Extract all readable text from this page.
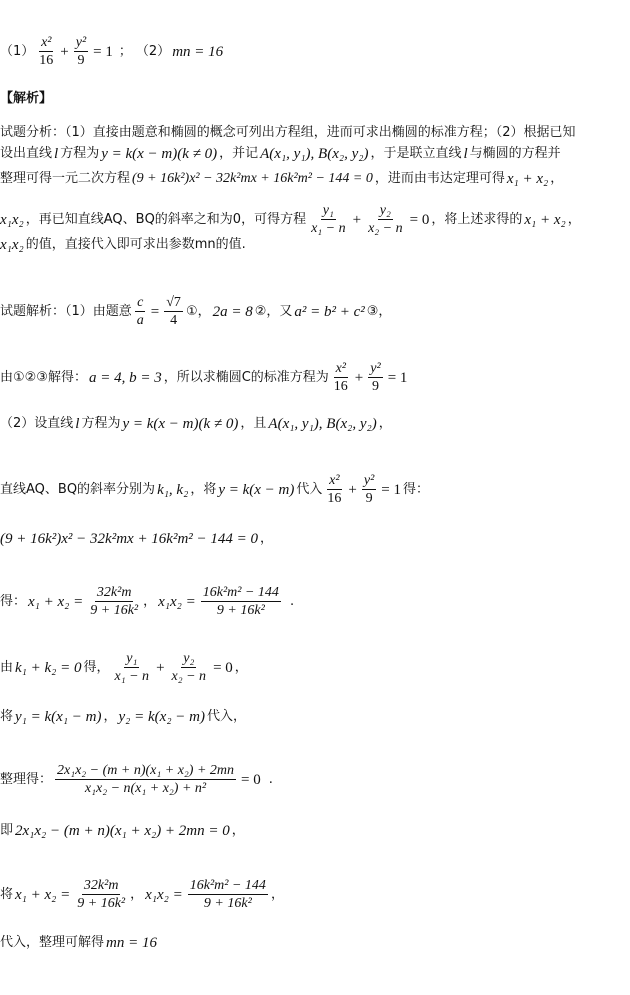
$(1) \frac{\text{x²}}{16} + \frac{\text{y²}}{9} = 1$ ； （2） mn = 16
【解析】
试题分析：（1）直接由题意和椭圆的概念可列出方程组，进而可求出椭圆的标准方程；（2）根据已知
设出直线 l 方程为 y = k(x − m)(k ≠ 0) ，并记 A(x₁, y₁), B(x₂, y₂) ，于是联立直线 l 与椭圆的方程并
整理可得一元二次方程 (9 + 16k²)x² − 32k²mx + 16k²m² − 144 = 0 ，进而由韦达定理可得 x₁ + x₂ ，
x₁x₂ ，再已知直线AQ、BQ的斜率之和为0，可得方程 $\frac{\text{y₁}}{\text{x₁ − n}} + \frac{\text{y₂}}{\text{x₂ − n}} = 0$ ，将上述求得的 x₁ + x₂ ，
x₁x₂ 的值，直接代入即可求出参数mn的值.
试题解析：（1）由题意 $\frac{c}{a} = \frac{√7}{4}$ ①， 2a = 8 ②，又 a² = b² + c² ③，
由①②③解得： a = 4, b = 3 ，所以求椭圆C的标准方程为 $\frac{\text{x²}}{16} + \frac{\text{y²}}{9} = 1$
（2）设直线 l 方程为 y = k(x − m)(k ≠ 0) ，且 A(x₁, y₁), B(x₂, y₂) ，
直线AQ、BQ的斜率分别为 k₁, k₂ ，将 y = k(x − m) 代入 $\frac{\text{x²}}{16} + \frac{\text{y²}}{9} = 1$ 得：
(9 + 16k²)x² − 32k²mx + 16k²m² − 144 = 0 ，
得： $x_1 + x_2 = \frac{\text{32k²m}}{\text{9 + 16k²}}$ ， $x_1x_2 = \frac{\text{16k²m² − 144}}{\text{9 + 16k²}}$ .
由 k₁ + k₂ = 0 得， $\frac{\text{y₁}}{\text{x₁ − n}} + \frac{\text{y₂}}{\text{x₂ − n}} = 0$ ，
将 y₁ = k(x₁ − m) ， y₂ = k(x₂ − m) 代入，
整理得： $\frac{\text{2x₁x₂ − (m + n)(x₁ + x₂) + 2mn}}{\text{x₁x₂ − n(x₁ + x₂) + n²}} = 0$ .
即 2x₁x₂ − (m + n)(x₁ + x₂) + 2mn = 0 ，
将 $x_1 + x_2 = \frac{\text{32k²m}}{\text{9 + 16k²}}$ ， $x_1x_2 = \frac{\text{16k²m² − 144}}{\text{9 + 16k²}}$ ，
代入，整理可解得 mn = 16
